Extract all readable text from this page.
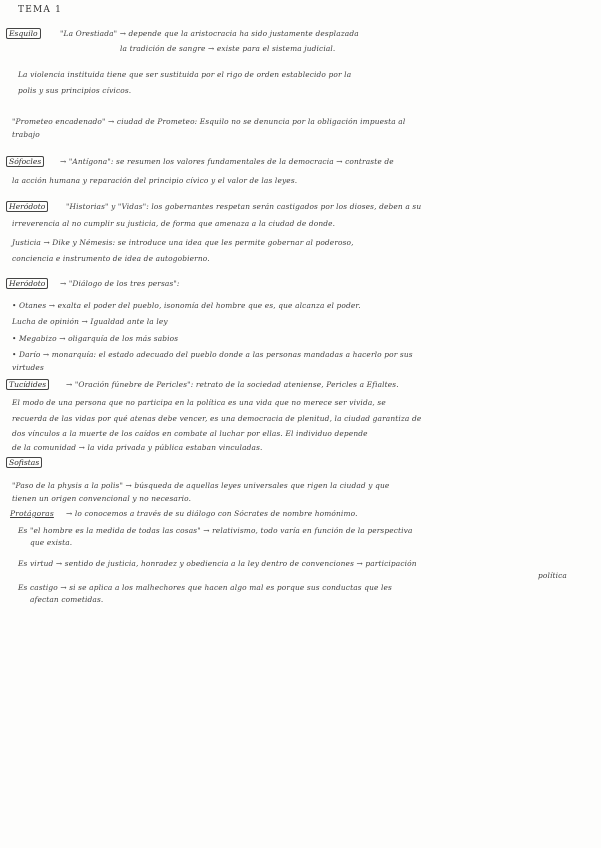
TEMA 1
Esquilo	"La Orestiada" → depende que la aristocracia ha sido justamente desplazada
la tradición de sangre → existe para el sistema judicial.
La violencia instituida tiene que ser sustituida por el rigo de orden establecido por la
polis y sus principios cívicos.
"Prometeo encadenado" → ciudad de Prometeo: Esquilo no se denuncia por la obligación impuesta al
trabajo
Sófocles	→ "Antígona": se resumen los valores fundamentales de la democracia → contraste de
la acción humana y reparación del principio cívico y el valor de las leyes.
Heródoto	"Historias" y "Vidas": los gobernantes respetan serán castigados por los dioses, deben a su
irreverencia al no cumplir su justicia, de forma que amenaza a la ciudad de donde.
Justicia → Dike y Némesis: se introduce una idea que les permite gobernar al poderoso,
conciencia e instrumento de idea de autogobierno.
Heródoto	→ "Diálogo de los tres persas":
• Otanes → exalta el poder del pueblo, isonomía del hombre que es, que alcanza el poder.
Lucha de opinión → Igualdad ante la ley
• Megabizo → oligarquía de los más sabios
• Darío → monarquía: el estado adecuado del pueblo donde a las personas mandadas a hacerlo por sus
virtudes
Tucídides	→ "Oración fúnebre de Pericles": retrato de la sociedad ateniense, Pericles a Efialtes.
El modo de una persona que no participa en la política es una vida que no merece ser vivida, se
recuerda de las vidas por qué atenas debe vencer, es una democracia de plenitud, la ciudad garantiza de
dos vínculos a la muerte de los caídos en combate al luchar por ellas. El individuo depende
de la comunidad → la vida privada y pública estaban vinculadas.
Sofistas
"Paso de la physis a la polis" → búsqueda de aquellas leyes universales que rigen la ciudad y que
tienen un origen convencional y no necesario.
Protágoras → lo conocemos a través de su diálogo con Sócrates de nombre homónimo.
Es "el hombre es la medida de todas las cosas" → relativismo, todo varía en función de la perspectiva
que exista.
Es virtud → sentido de justicia, honradez y obediencia a la ley dentro de convenciones → participación
política
Es castigo → si se aplica a los malhechores que hacen algo mal es porque sus conductas que les
afectan cometidas.
